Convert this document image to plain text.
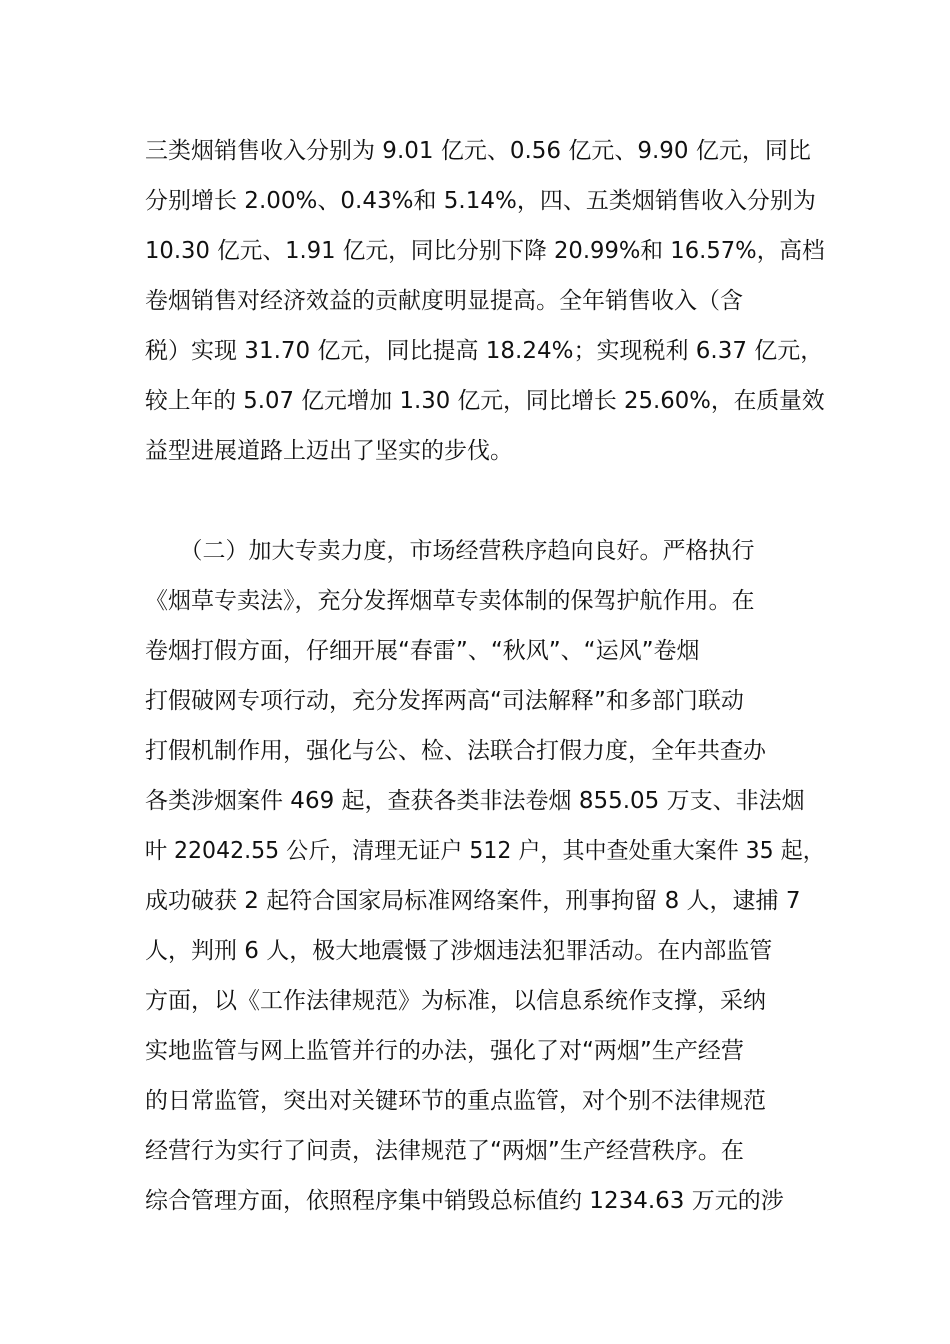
三类烟销售收入分别为 9.01 亿元、0.56 亿元、9.90 亿元，同比
分别增长 2.00%、0.43%和 5.14%，四、五类烟销售收入分别为
10.30 亿元、1.91 亿元，同比分别下降 20.99%和 16.57%，高档
卷烟销售对经济效益的贡献度明显提高。全年销售收入（含
税）实现 31.70 亿元，同比提高 18.24%；实现税利 6.37 亿元，
较上年的 5.07 亿元增加 1.30 亿元，同比增长 25.60%，在质量效
益型进展道路上迈出了坚实的步伐。
　　（二）加大专卖力度，市场经营秩序趋向良好。严格执行
《烟草专卖法》，充分发挥烟草专卖体制的保驾护航作用。在
卷烟打假方面，仔细开展“春雷”、“秋风”、“运风”卷烟
打假破网专项行动，充分发挥两高“司法解释”和多部门联动
打假机制作用，强化与公、检、法联合打假力度，全年共查办
各类涉烟案件 469 起，查获各类非法卷烟 855.05 万支、非法烟
叶 22042.55 公斤，清理无证户 512 户，其中查处重大案件 35 起，
成功破获 2 起符合国家局标准网络案件，刑事拘留 8 人，逮捕 7
人，判刑 6 人，极大地震慑了涉烟违法犯罪活动。在内部监管
方面，以《工作法律规范》为标准，以信息系统作支撑，采纳
实地监管与网上监管并行的办法，强化了对“两烟”生产经营
的日常监管，突出对关键环节的重点监管，对个别不法律规范
经营行为实行了问责，法律规范了“两烟”生产经营秩序。在
综合管理方面，依照程序集中销毁总标值约 1234.63 万元的涉
